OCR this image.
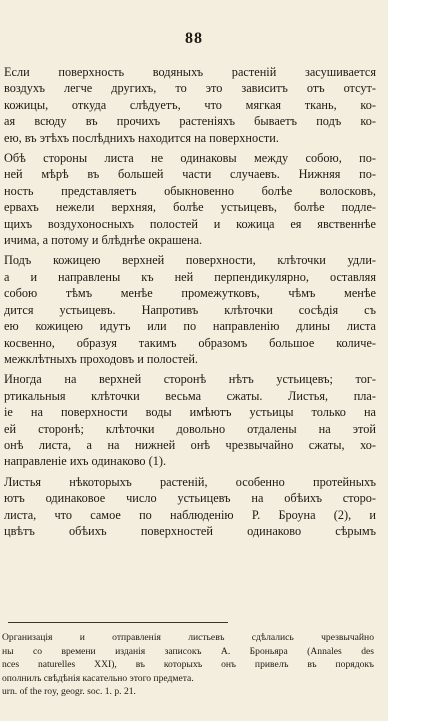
88

Если поверхность водяныхъ растеній засушивается
воздухъ легче другихъ, то это зависитъ отъ отсут-
кожицы, откуда слѣдуетъ, что мягкая ткань, ко-
ая всюду въ прочихъ растеніяхъ бываетъ подъ ко-
ею, въ этѣхъ послѣднихъ находится на поверхности.

Обѣ стороны листа не одинаковы между собою, по-
ней мѣрѣ въ большей части случаевъ. Нижняя по-
ность представляетъ обыкновенно болѣе волосковъ,
ервахъ нежели верхняя, болѣе устьицевъ, болѣе подле-
щихъ воздухоносныхъ полостей и кожица ея явственнѣе
ичима, а потому и блѣднѣе окрашена.

Подъ кожицею верхней поверхности, клѣточки удли-
а и направлены къ ней перпендикулярно, оставляя
собою тѣмъ менѣе промежутковъ, чѣмъ менѣе
дится устьицевъ. Напротивъ клѣточки сосѣдія съ
ею кожицею идутъ или по направленію длины листа
косвенно, образуя такимъ образомъ большое количе-
межклѣтныхъ проходовъ и полостей.

Иногда на верхней сторонѣ нѣтъ устьицевъ; тог-
ртикальныя клѣточки весьма сжаты. Листья, пла-
іе на поверхности воды имѣютъ устьицы только на
ей сторонѣ; клѣточки довольно отдалены на этой
онѣ листа, а на нижней онѣ чрезвычайно сжаты, хо-
направленіе ихъ одинаково (1).

Листья нѣкоторыхъ растеній, особенно протейныхъ
ютъ одинаковое число устьицевъ на обѣихъ сторо-
листа, что самое по наблюденію Р. Броуна (2), и
цвѣтъ обѣихъ поверхностей одинаково сѣрымъ

Организація и отправленія листьевъ сдѣлались чрезвычайно
ны со времени изданія записокъ А. Броньяра (Annales des
nces naturelles XXI), въ которыхъ онъ привелъ въ порядокъ
ополнилъ свѣдѣнія касательно этого предмета.
urn. of the roy, geogr. soc. 1. p. 21.
